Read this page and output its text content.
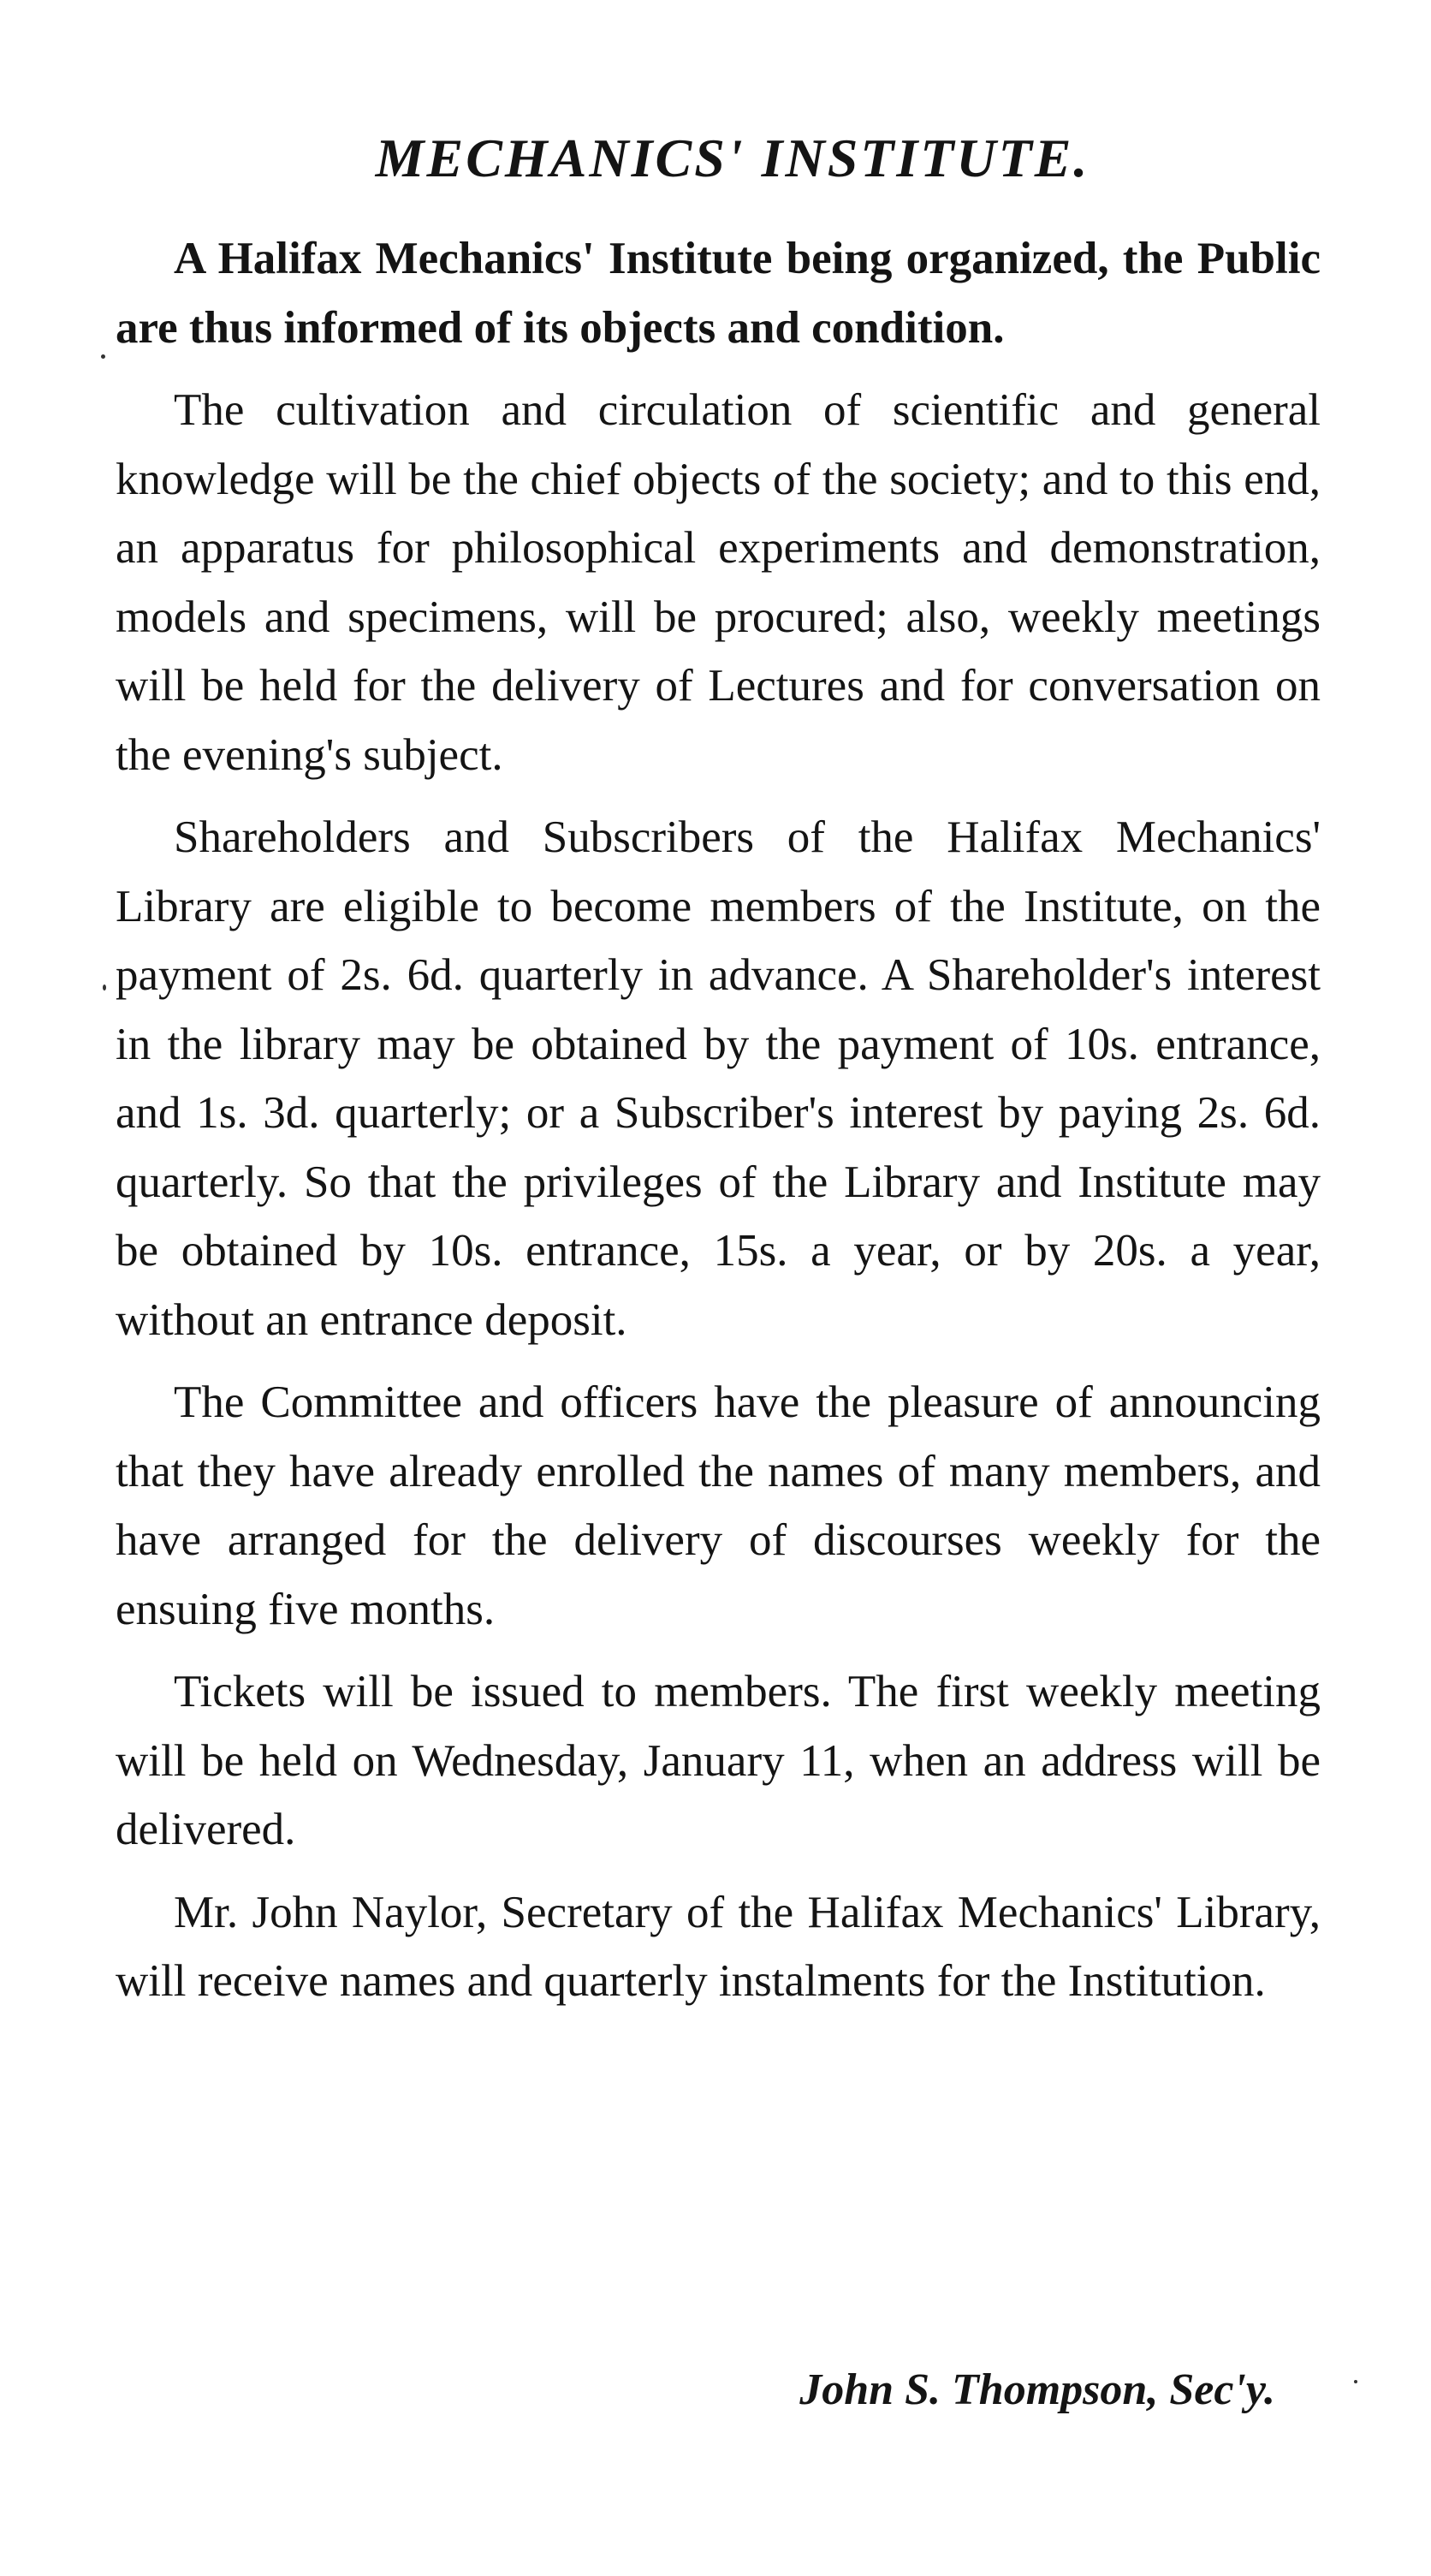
MECHANICS' INSTITUTE.

A Halifax Mechanics' Institute being organized, the Public are thus informed of its objects and condition.

The cultivation and circulation of scientific and general knowledge will be the chief objects of the society; and to this end, an apparatus for philosophical experiments and demonstration, models and specimens, will be procured; also, weekly meetings will be held for the delivery of Lectures and for conversation on the evening's subject.

Shareholders and Subscribers of the Halifax Mechanics' Library are eligible to become members of the Institute, on the payment of 2s. 6d. quarterly in advance. A Shareholder's interest in the library may be obtained by the payment of 10s. entrance, and 1s. 3d. quarterly; or a Subscriber's interest by paying 2s. 6d. quarterly. So that the privileges of the Library and Institute may be obtained by 10s. entrance, 15s. a year, or by 20s. a year, without an entrance deposit.

The Committee and officers have the pleasure of announcing that they have already enrolled the names of many members, and have arranged for the delivery of discourses weekly for the ensuing five months.

Tickets will be issued to members. The first weekly meeting will be held on Wednesday, January 11, when an address will be delivered.

Mr. John Naylor, Secretary of the Halifax Mechanics' Library, will receive names and quarterly instalments for the Institution.

John S. Thompson, Sec'y.
